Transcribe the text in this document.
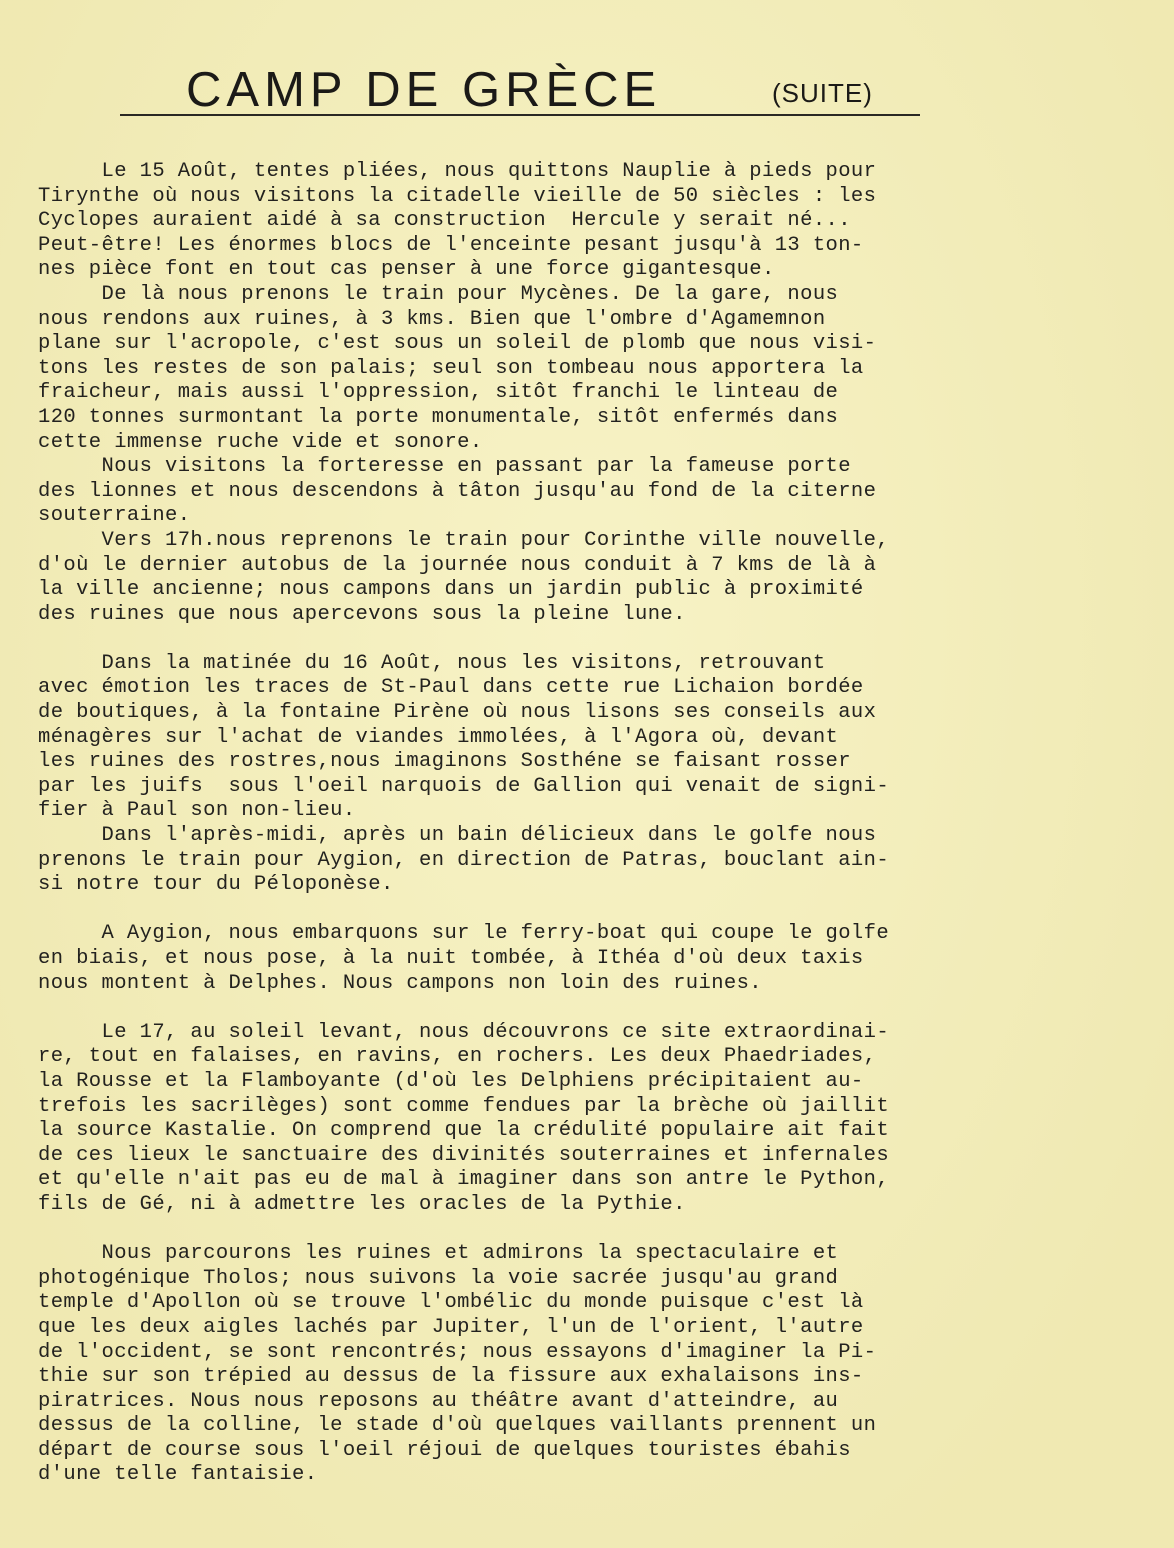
CAMP DE GRÈCE	(SUITE)
Le 15 Août, tentes pliées, nous quittons Nauplie à pieds pour
Tirynthe où nous visitons la citadelle vieille de 50 siècles : les
Cyclopes auraient aidé à sa construction  Hercule y serait né...
Peut-être! Les énormes blocs de l'enceinte pesant jusqu'à 13 ton-
nes pièce font en tout cas penser à une force gigantesque.
De là nous prenons le train pour Mycènes. De la gare, nous
nous rendons aux ruines, à 3 kms. Bien que l'ombre d'Agamemnon
plane sur l'acropole, c'est sous un soleil de plomb que nous visi-
tons les restes de son palais; seul son tombeau nous apportera la
fraicheur, mais aussi l'oppression, sitôt franchi le linteau de
120 tonnes surmontant la porte monumentale, sitôt enfermés dans
cette immense ruche vide et sonore.
Nous visitons la forteresse en passant par la fameuse porte
des lionnes et nous descendons à tâton jusqu'au fond de la citerne
souterraine.
Vers 17h.nous reprenons le train pour Corinthe ville nouvelle,
d'où le dernier autobus de la journée nous conduit à 7 kms de là à
la ville ancienne; nous campons dans un jardin public à proximité
des ruines que nous apercevons sous la pleine lune.
Dans la matinée du 16 Août, nous les visitons, retrouvant
avec émotion les traces de St-Paul dans cette rue Lichaion bordée
de boutiques, à la fontaine Pirène où nous lisons ses conseils aux
ménagères sur l'achat de viandes immolées, à l'Agora où, devant
les ruines des rostres,nous imaginons Sosthéne se faisant rosser
par les juifs  sous l'oeil narquois de Gallion qui venait de signi-
fier à Paul son non-lieu.
Dans l'après-midi, après un bain délicieux dans le golfe nous
prenons le train pour Aygion, en direction de Patras, bouclant ain-
si notre tour du Péloponèse.
A Aygion, nous embarquons sur le ferry-boat qui coupe le golfe
en biais, et nous pose, à la nuit tombée, à Ithéa d'où deux taxis
nous montent à Delphes. Nous campons non loin des ruines.
Le 17, au soleil levant, nous découvrons ce site extraordinai-
re, tout en falaises, en ravins, en rochers. Les deux Phaedriades,
la Rousse et la Flamboyante (d'où les Delphiens précipitaient au-
trefois les sacrilèges) sont comme fendues par la brèche où jaillit
la source Kastalie. On comprend que la crédulité populaire ait fait
de ces lieux le sanctuaire des divinités souterraines et infernales
et qu'elle n'ait pas eu de mal à imaginer dans son antre le Python,
fils de Gé, ni à admettre les oracles de la Pythie.
Nous parcourons les ruines et admirons la spectaculaire et
photogénique Tholos; nous suivons la voie sacrée jusqu'au grand
temple d'Apollon où se trouve l'ombélic du monde puisque c'est là
que les deux aigles lachés par Jupiter, l'un de l'orient, l'autre
de l'occident, se sont rencontrés; nous essayons d'imaginer la Pi-
thie sur son trépied au dessus de la fissure aux exhalaisons ins-
piratrices. Nous nous reposons au théâtre avant d'atteindre, au
dessus de la colline, le stade d'où quelques vaillants prennent un
départ de course sous l'oeil réjoui de quelques touristes ébahis
d'une telle fantaisie.
